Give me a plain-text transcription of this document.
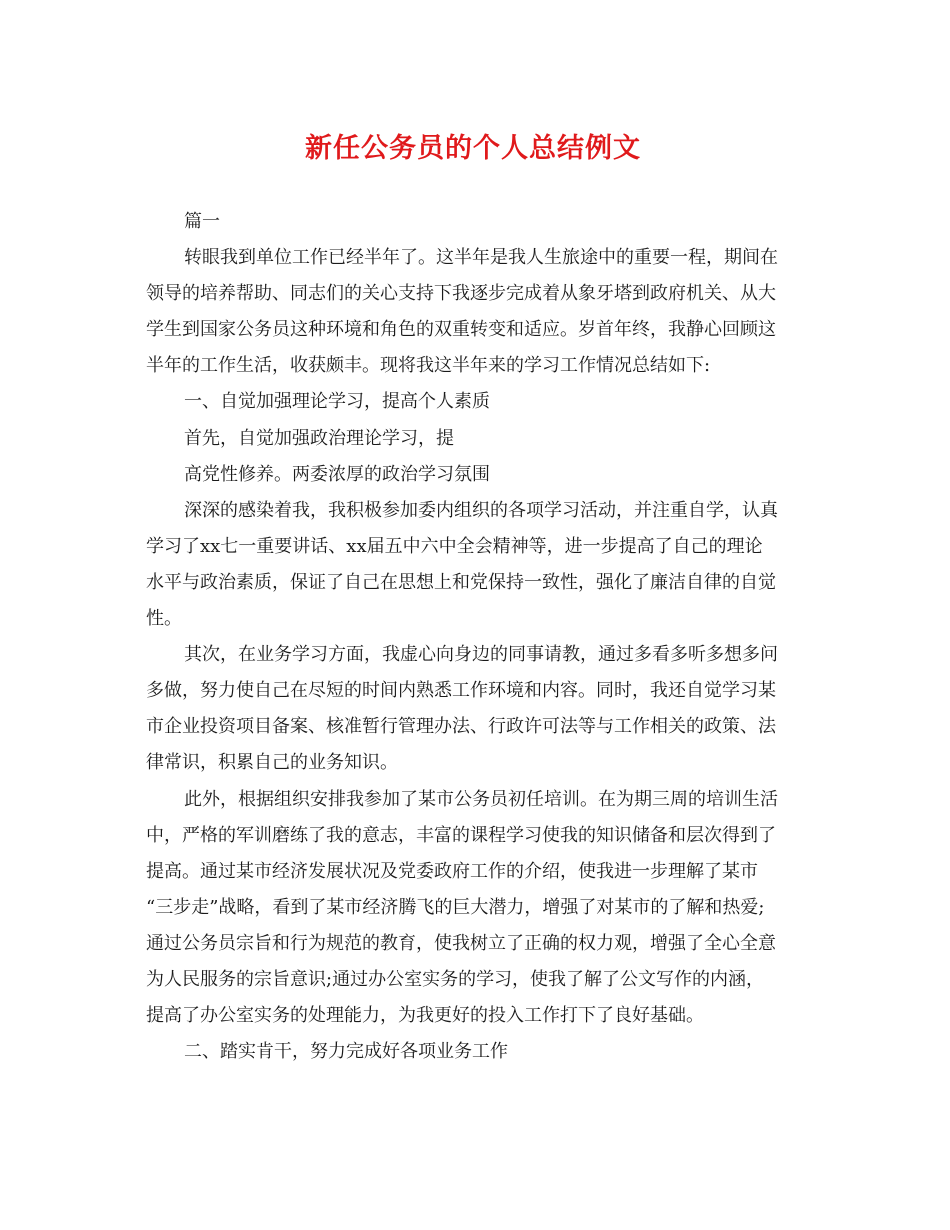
新任公务员的个人总结例文

篇一

转眼我到单位工作已经半年了。这半年是我人生旅途中的重要一程，期间在
领导的培养帮助、同志们的关心支持下我逐步完成着从象牙塔到政府机关、从大
学生到国家公务员这种环境和角色的双重转变和适应。岁首年终，我静心回顾这
半年的工作生活，收获颇丰。现将我这半年来的学习工作情况总结如下:

一、自觉加强理论学习，提高个人素质

首先，自觉加强政治理论学习，提

高党性修养。两委浓厚的政治学习氛围

深深的感染着我，我积极参加委内组织的各项学习活动，并注重自学，认真
学习了xx七一重要讲话、xx届五中六中全会精神等，进一步提高了自己的理论
水平与政治素质，保证了自己在思想上和党保持一致性，强化了廉洁自律的自觉
性。

其次，在业务学习方面，我虚心向身边的同事请教，通过多看多听多想多问
多做，努力使自己在尽短的时间内熟悉工作环境和内容。同时，我还自觉学习某
市企业投资项目备案、核准暂行管理办法、行政许可法等与工作相关的政策、法
律常识，积累自己的业务知识。

此外，根据组织安排我参加了某市公务员初任培训。在为期三周的培训生活
中，严格的军训磨练了我的意志，丰富的课程学习使我的知识储备和层次得到了
提高。通过某市经济发展状况及党委政府工作的介绍，使我进一步理解了某市
“三步走”战略，看到了某市经济腾飞的巨大潜力，增强了对某市的了解和热爱;
通过公务员宗旨和行为规范的教育，使我树立了正确的权力观，增强了全心全意
为人民服务的宗旨意识;通过办公室实务的学习，使我了解了公文写作的内涵，
提高了办公室实务的处理能力，为我更好的投入工作打下了良好基础。

二、踏实肯干，努力完成好各项业务工作
